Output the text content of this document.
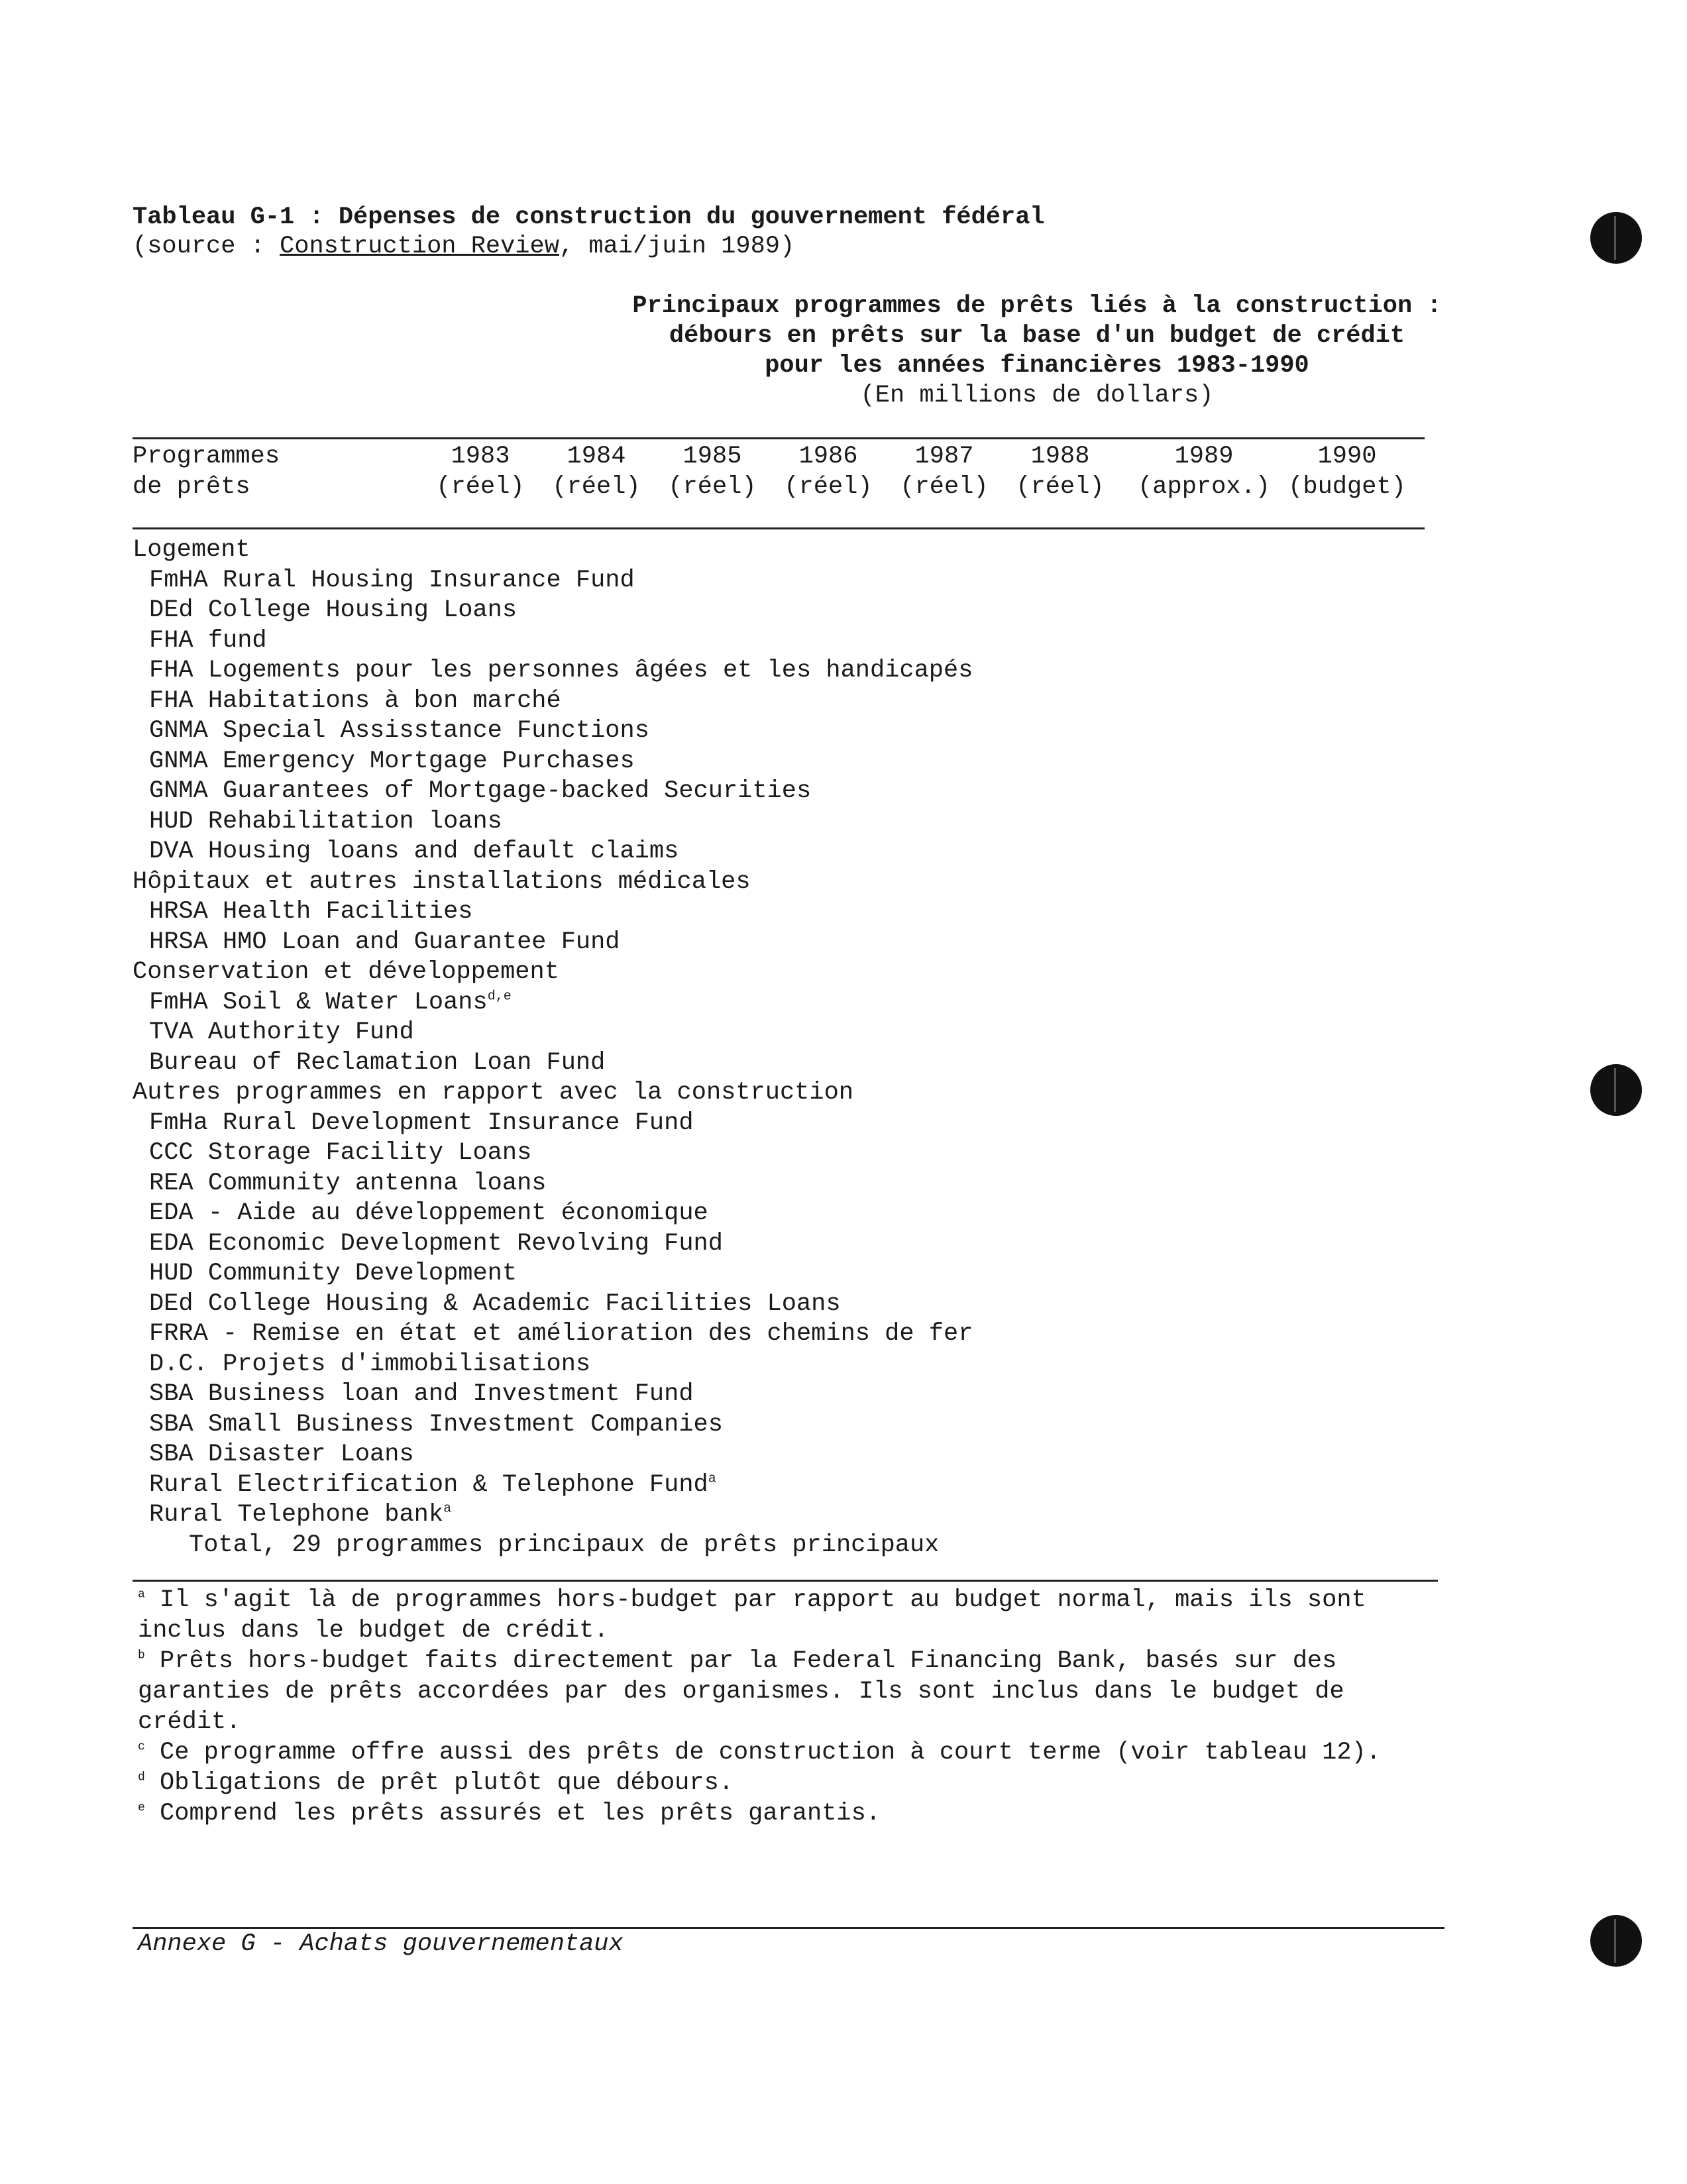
Tableau G-1 : Dépenses de construction du gouvernement fédéral
(source : Construction Review, mai/juin 1989)
Principaux programmes de prêts liés à la construction :
débours en prêts sur la base d'un budget de crédit
pour les années financières 1983-1990
(En millions de dollars)
Programmes
de prêts
1983
(réel)
1984
(réel)
1985
(réel)
1986
(réel)
1987
(réel)
1988
(réel)
1989
(approx.)
1990
(budget)
Logement
FmHA Rural Housing Insurance Fund
DEd College Housing Loans
FHA fund
FHA Logements pour les personnes âgées et les handicapés
FHA Habitations à bon marché
GNMA Special Assisstance Functions
GNMA Emergency Mortgage Purchases
GNMA Guarantees of Mortgage-backed Securities
HUD Rehabilitation loans
DVA Housing loans and default claims
Hôpitaux et autres installations médicales
HRSA Health Facilities
HRSA HMO Loan and Guarantee Fund
Conservation et développement
FmHA Soil & Water Loans$^{d,e}$
TVA Authority Fund
Bureau of Reclamation Loan Fund
Autres programmes en rapport avec la construction
FmHa Rural Development Insurance Fund
CCC Storage Facility Loans
REA Community antenna loans
EDA - Aide au développement économique
EDA Economic Development Revolving Fund
HUD Community Development
DEd College Housing & Academic Facilities Loans
FRRA - Remise en état et amélioration des chemins de fer
D.C. Projets d'immobilisations
SBA Business loan and Investment Fund
SBA Small Business Investment Companies
SBA Disaster Loans
Rural Electrification & Telephone Fund$^a$
Rural Telephone bank$^a$
Total, 29 programmes principaux de prêts principaux
$^a$ Il s'agit là de programmes hors-budget par rapport au budget normal, mais ils sont inclus dans le budget de crédit.
$^b$ Prêts hors-budget faits directement par la Federal Financing Bank, basés sur des garanties de prêts accordées par des organismes. Ils sont inclus dans le budget de crédit.
$^c$ Ce programme offre aussi des prêts de construction à court terme (voir tableau 12).
$^d$ Obligations de prêt plutôt que débours.
$^e$ Comprend les prêts assurés et les prêts garantis.
Annexe G - Achats gouvernementaux
